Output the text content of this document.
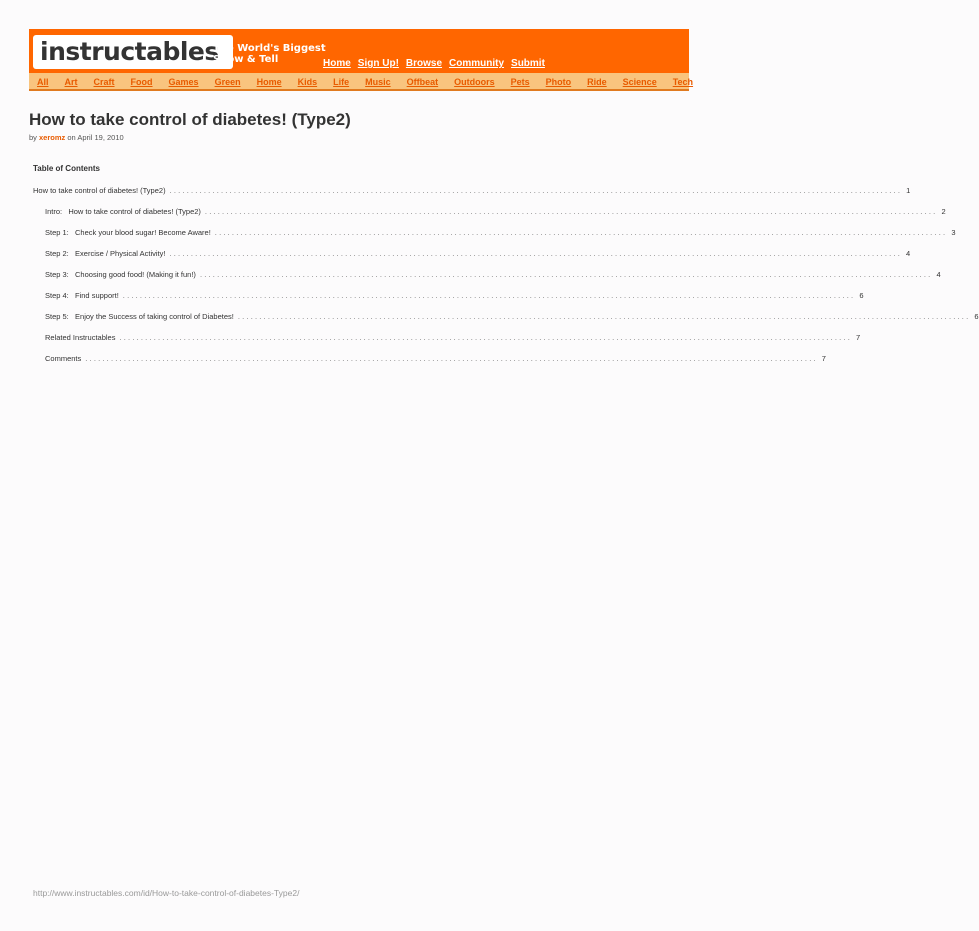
instructables
The World's Biggest
Show & Tell	Home Sign Up! Browse Community Submit
All Art Craft Food Games Green Home Kids Life Music Offbeat Outdoors Pets Photo Ride Science Tech
How to take control of diabetes! (Type2)
by xeromz on April 19, 2010
Table of Contents
How to take control of diabetes! (Type2) ........................................................................................................................................................................... 1
Intro:   How to take control of diabetes! (Type2) ........................................................................................................................................................................... 2
Step 1:   Check your blood sugar! Become Aware! ........................................................................................................................................................................... 3
Step 2:   Exercise / Physical Activity! ........................................................................................................................................................................... 4
Step 3:   Choosing good food! (Making it fun!) ........................................................................................................................................................................... 4
Step 4:   Find support! ........................................................................................................................................................................... 6
Step 5:   Enjoy the Success of taking control of Diabetes! ........................................................................................................................................................................... 6
Related Instructables ........................................................................................................................................................................... 7
Comments ........................................................................................................................................................................... 7
http://www.instructables.com/id/How-to-take-control-of-diabetes-Type2/
